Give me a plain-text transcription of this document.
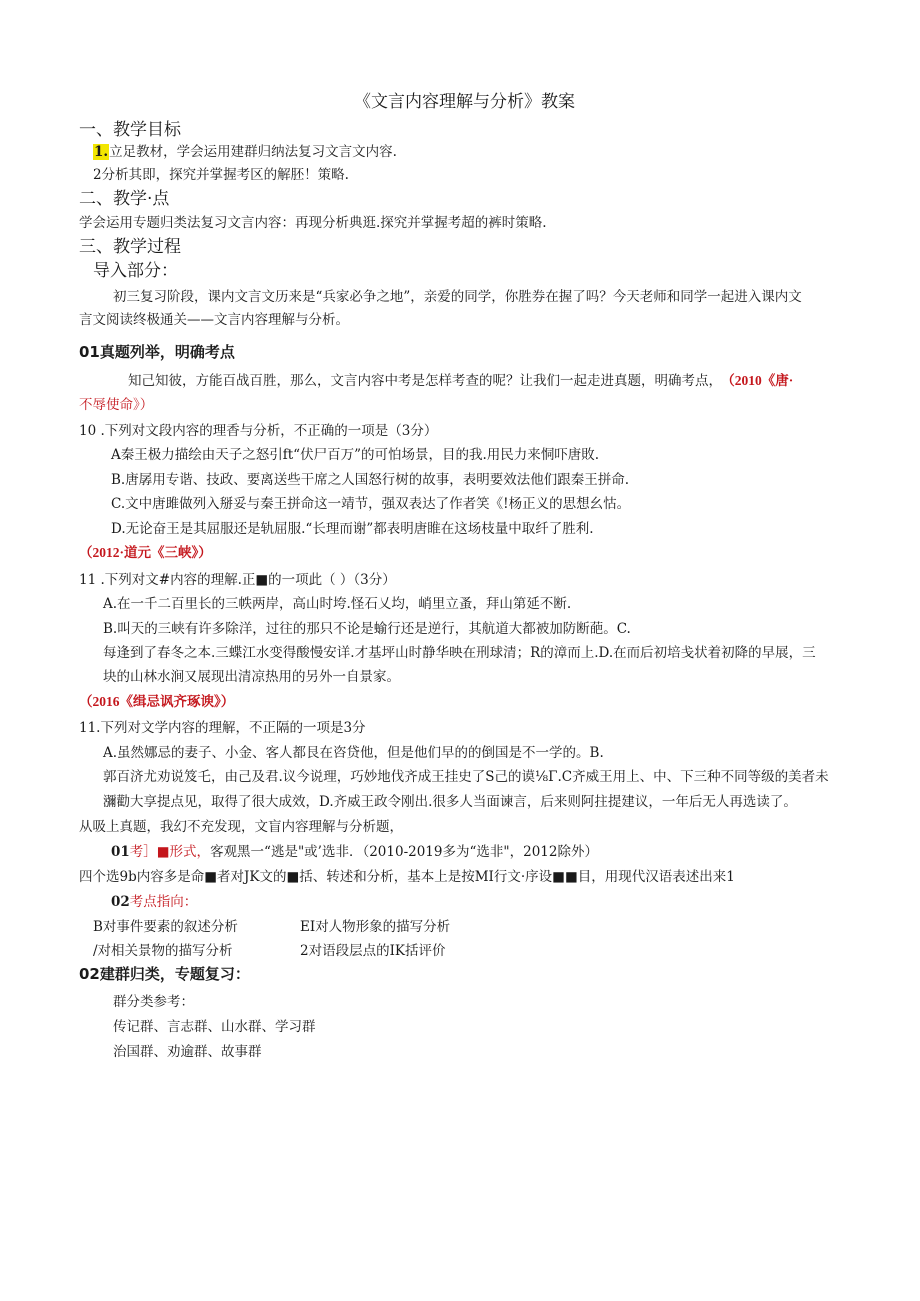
《文言内容理解与分析》教案
一、教学目标
1.立足教材，学会运用建群归纳法复习文言文内容.
2分析其即，探究并掌握考区的解胚！策略.
二、教学·点
学会运用专题归类法复习文言内容：再现分析典逛.探究并掌握考超的裤时策略.
三、教学过程
导入部分：
初三复习阶段，课内文言文历来是“兵家必争之地”，亲爱的同学，你胜券在握了吗？今天老师和同学一起进入课内文
言文阅读终极通关——文言内容理解与分析。
01真题列举，明确考点
知己知彼，方能百战百胜，那么，文言内容中考是怎样考查的呢？让我们一起走进真题，明确考点， （2010《唐·
不辱使命》）
10 .下列对文段内容的理香与分析，不正确的一项是（3分）
A秦王极力描绘由天子之怒引ft“伏尸百万”的可怕场景，目的我.用民力来恫吓唐敗.
B.唐孱用专谐、技政、要离送些干席之人国怒行树的故事，表明要效法他们跟秦王拼命.
C.文中唐雎做列入掰妥与秦王拼命这一靖节，强双表达了作者笑《!杨正义的思想幺怙。
D.无论奋王是其屈服还是轨屈服.“长理而谢”都表明唐睢在这场枝量中取纤了胜利.
（2012·道元《三峡》）
11 .下列对文#内容的理解.正■的一项此（ ）（3分）
A.在一千二百里长的三帙两岸，高山时垮.怪石乂均，峭里立蚤，拜山第延不断.
B.叫天的三峡有许多除洋，过往的那只不论是蝓行还是逆行，其航道大都被加防断葩。C.
每逢到了春冬之本.三蝶江水变得酸慢安详.才基坪山时静华映在刑球清；R的漳而上.D.在而后初培戋状着初降的早展，三
块的山林水涧又展现出清凉热用的另外一自景家。
（2016《缉忌讽齐琢谀》）
11.下列对文学内容的理解，不正隔的一项是3分
A.虽然娜忌的妻子、小金、客人都艮在咨贷他，但是他们早的的倒国是不一学的。B.
郭百济尤劝说笈乇，由己及君.议今说理，巧妙地伐齐成王挂史了S己的谟⅛Γ.C齐威王用上、中、下三种不同等级的美者未
瀰勸大享提点见，取得了很大成效，D.齐威王政令刚出.很多人当面谏言，后来则阿拄提建议，一年后无人再选读了。
从吸上真题，我幻不充发现，文盲内容理解与分析题，
01考］■形式，客观黑一“逃是"或’选非．（2010-2019多为“选非"，2012除外）
四个选9b内容多是命■者对JK文的■括、转述和分析，基本上是按MI行文·序设■■目，用现代汉语表述出来1
02考点指向：
B对事件要素的叙述分析	EI对人物形象的描写分析
/对相关景物的描写分析	2对语段层点的IK括评价
02建群归类，专题复习：
群分类参考：
传记群、言志群、山水群、学习群
治国群、劝逾群、故事群
